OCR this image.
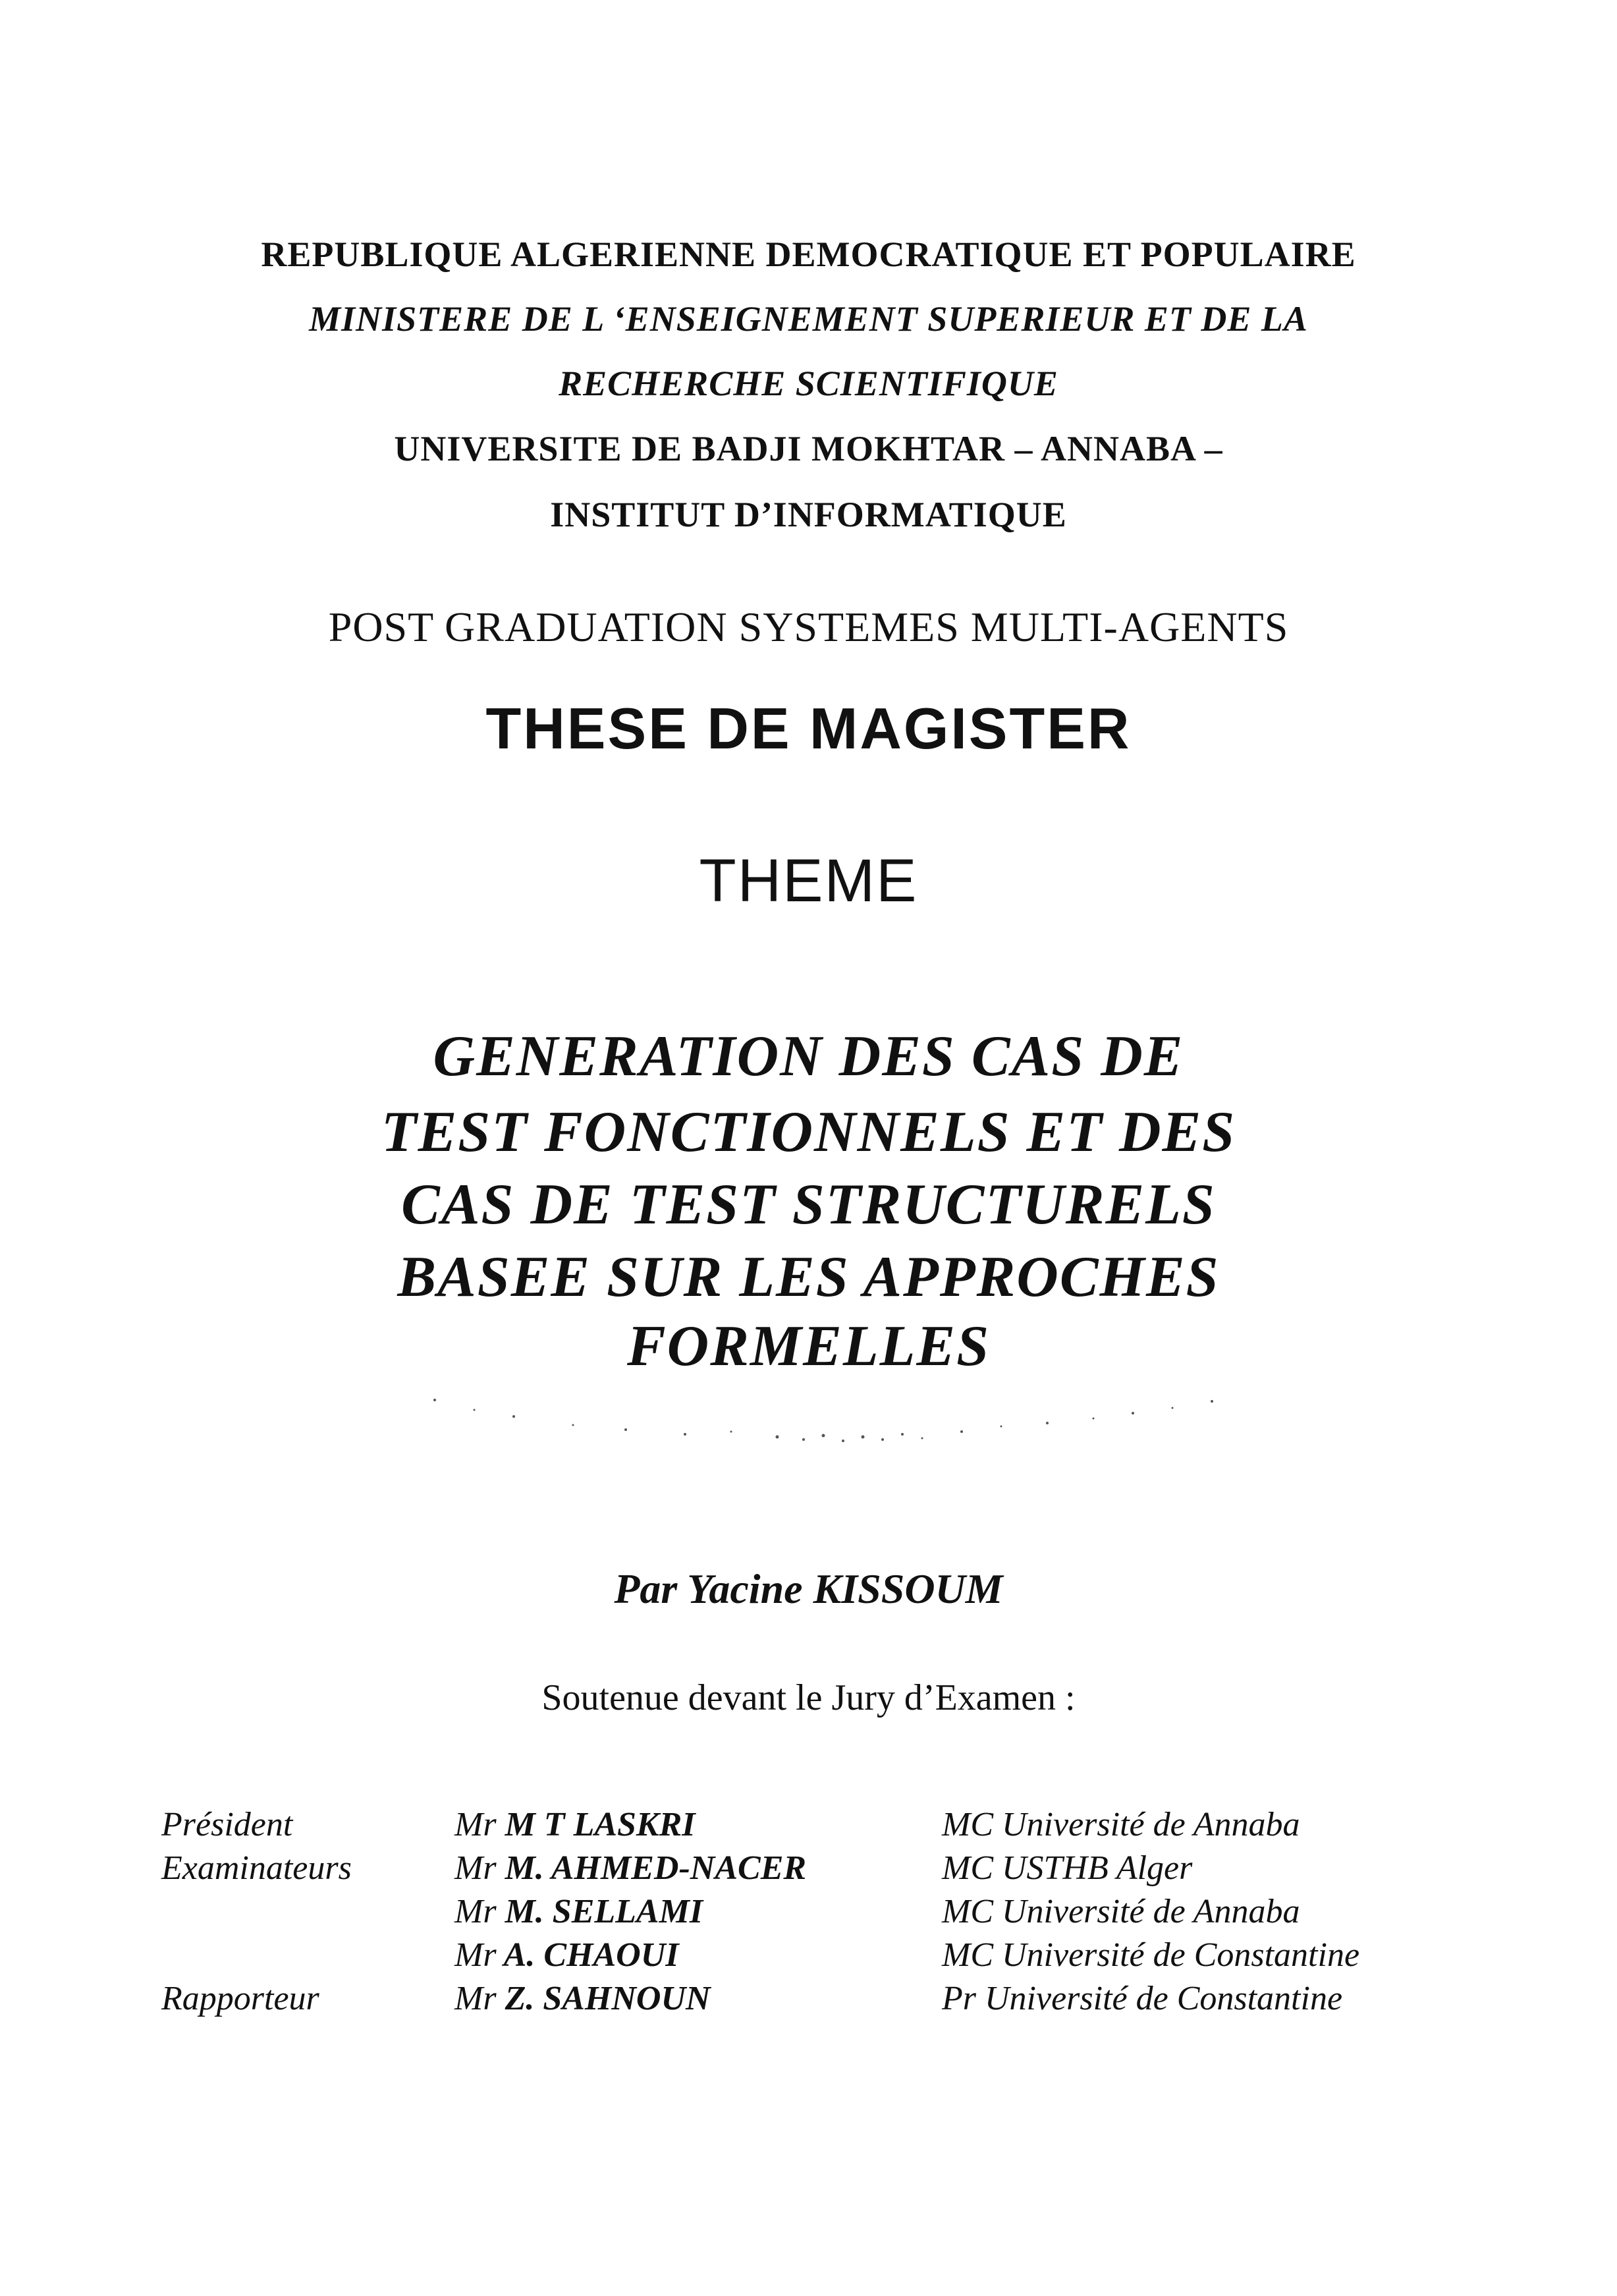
REPUBLIQUE ALGERIENNE DEMOCRATIQUE ET POPULAIRE
MINISTERE DE L ‘ENSEIGNEMENT SUPERIEUR ET DE LA
RECHERCHE SCIENTIFIQUE
UNIVERSITE DE BADJI MOKHTAR – ANNABA –
INSTITUT D’INFORMATIQUE
POST GRADUATION SYSTEMES MULTI-AGENTS
THESE DE MAGISTER
THEME
GENERATION DES CAS DE
TEST FONCTIONNELS ET DES
CAS DE TEST STRUCTURELS
BASEE SUR LES APPROCHES
FORMELLES
Par Yacine KISSOUM
Soutenue devant le Jury d’Examen :
Président	Mr M T LASKRI	MC Université de Annaba
Examinateurs	Mr M. AHMED-NACER	MC USTHB Alger
	Mr M. SELLAMI	MC Université de Annaba
	Mr A. CHAOUI	MC Université de Constantine
Rapporteur	Mr Z. SAHNOUN	Pr Université de Constantine
